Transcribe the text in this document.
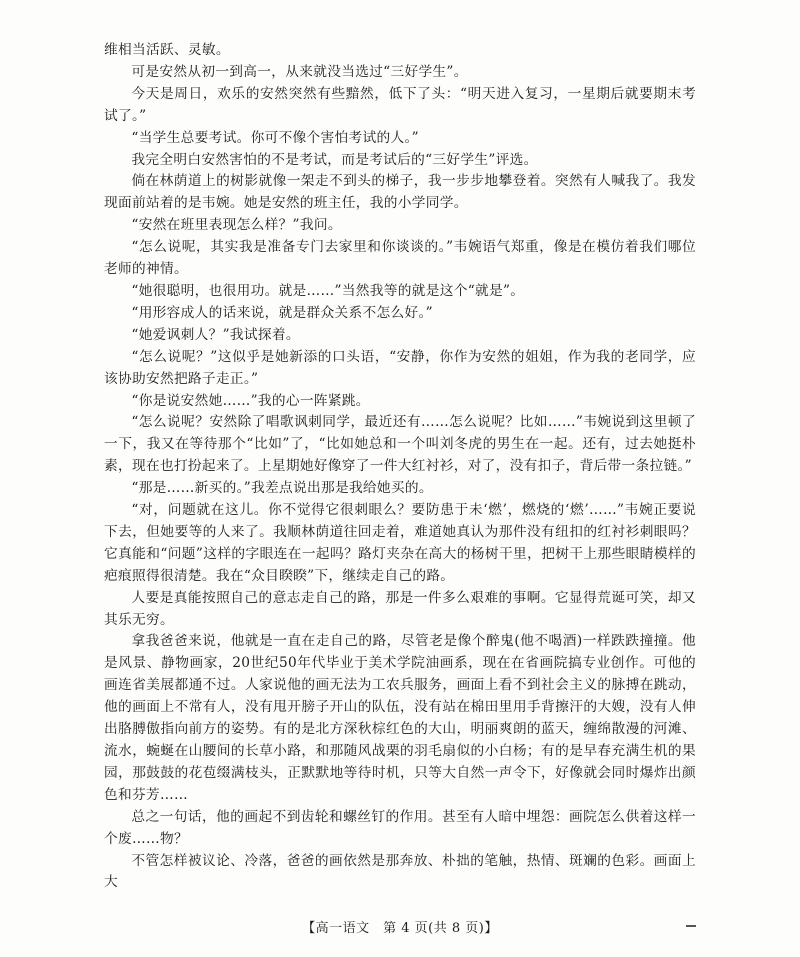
维相当活跃、灵敏。

可是安然从初一到高一，从来就没当选过“三好学生”。

今天是周日，欢乐的安然突然有些黯然，低下了头：“明天进入复习，一星期后就要期末考试了。”

“当学生总要考试。你可不像个害怕考试的人。”

我完全明白安然害怕的不是考试，而是考试后的“三好学生”评选。

倘在林荫道上的树影就像一架走不到头的梯子，我一步步地攀登着。突然有人喊我了。我发现面前站着的是韦婉。她是安然的班主任，我的小学同学。

“安然在班里表现怎么样？”我问。

“怎么说呢，其实我是准备专门去家里和你谈谈的。”韦婉语气郑重，像是在模仿着我们哪位老师的神情。

“她很聪明，也很用功。就是……”当然我等的就是这个“就是”。

“用形容成人的话来说，就是群众关系不怎么好。”

“她爱讽刺人？”我试探着。

“怎么说呢？”这似乎是她新添的口头语，“安静，你作为安然的姐姐，作为我的老同学，应该协助安然把路子走正。”

“你是说安然她……”我的心一阵紧跳。

“怎么说呢？安然除了唱歌讽刺同学，最近还有……怎么说呢？比如……”韦婉说到这里顿了一下，我又在等待那个“比如”了，“比如她总和一个叫刘冬虎的男生在一起。还有，过去她挺朴素，现在也打扮起来了。上星期她好像穿了一件大红衬衫，对了，没有扣子，背后带一条拉链。”

“那是……新买的。”我差点说出那是我给她买的。

“对，问题就在这儿。你不觉得它很刺眼么？要防患于未‘燃’，燃烧的‘燃’……”韦婉正要说下去，但她要等的人来了。我顺林荫道往回走着，难道她真认为那件没有纽扣的红衬衫刺眼吗？它真能和“问题”这样的字眼连在一起吗？路灯夹杂在高大的杨树干里，把树干上那些眼睛模样的疤痕照得很清楚。我在“众目睽睽”下，继续走自己的路。

人要是真能按照自己的意志走自己的路，那是一件多么艰难的事啊。它显得荒诞可笑，却又其乐无穷。

拿我爸爸来说，他就是一直在走自己的路，尽管老是像个醉鬼(他不喝酒)一样跌跌撞撞。他是风景、静物画家，20世纪50年代毕业于美术学院油画系，现在在省画院搞专业创作。可他的画连省美展都通不过。人家说他的画无法为工农兵服务，画面上看不到社会主义的脉搏在跳动，他的画面上不常有人，没有甩开膀子开山的队伍，没有站在棉田里用手背擦汗的大嫂，没有人伸出胳膊傲指向前方的姿势。有的是北方深秋棕红色的大山，明丽爽朗的蓝天，缠绵散漫的河滩、流水，蜿蜒在山腰间的长草小路，和那随风战栗的羽毛扇似的小白杨；有的是早春充满生机的果园，那鼓鼓的花苞缀满枝头，正默默地等待时机，只等大自然一声令下，好像就会同时爆炸出颜色和芬芳……

总之一句话，他的画起不到齿轮和螺丝钉的作用。甚至有人暗中埋怨：画院怎么供着这样一个废……物？

不管怎样被议论、冷落，爸爸的画依然是那奔放、朴拙的笔触，热情、斑斓的色彩。画面上大

【高一语文　第 4 页(共 8 页)】
